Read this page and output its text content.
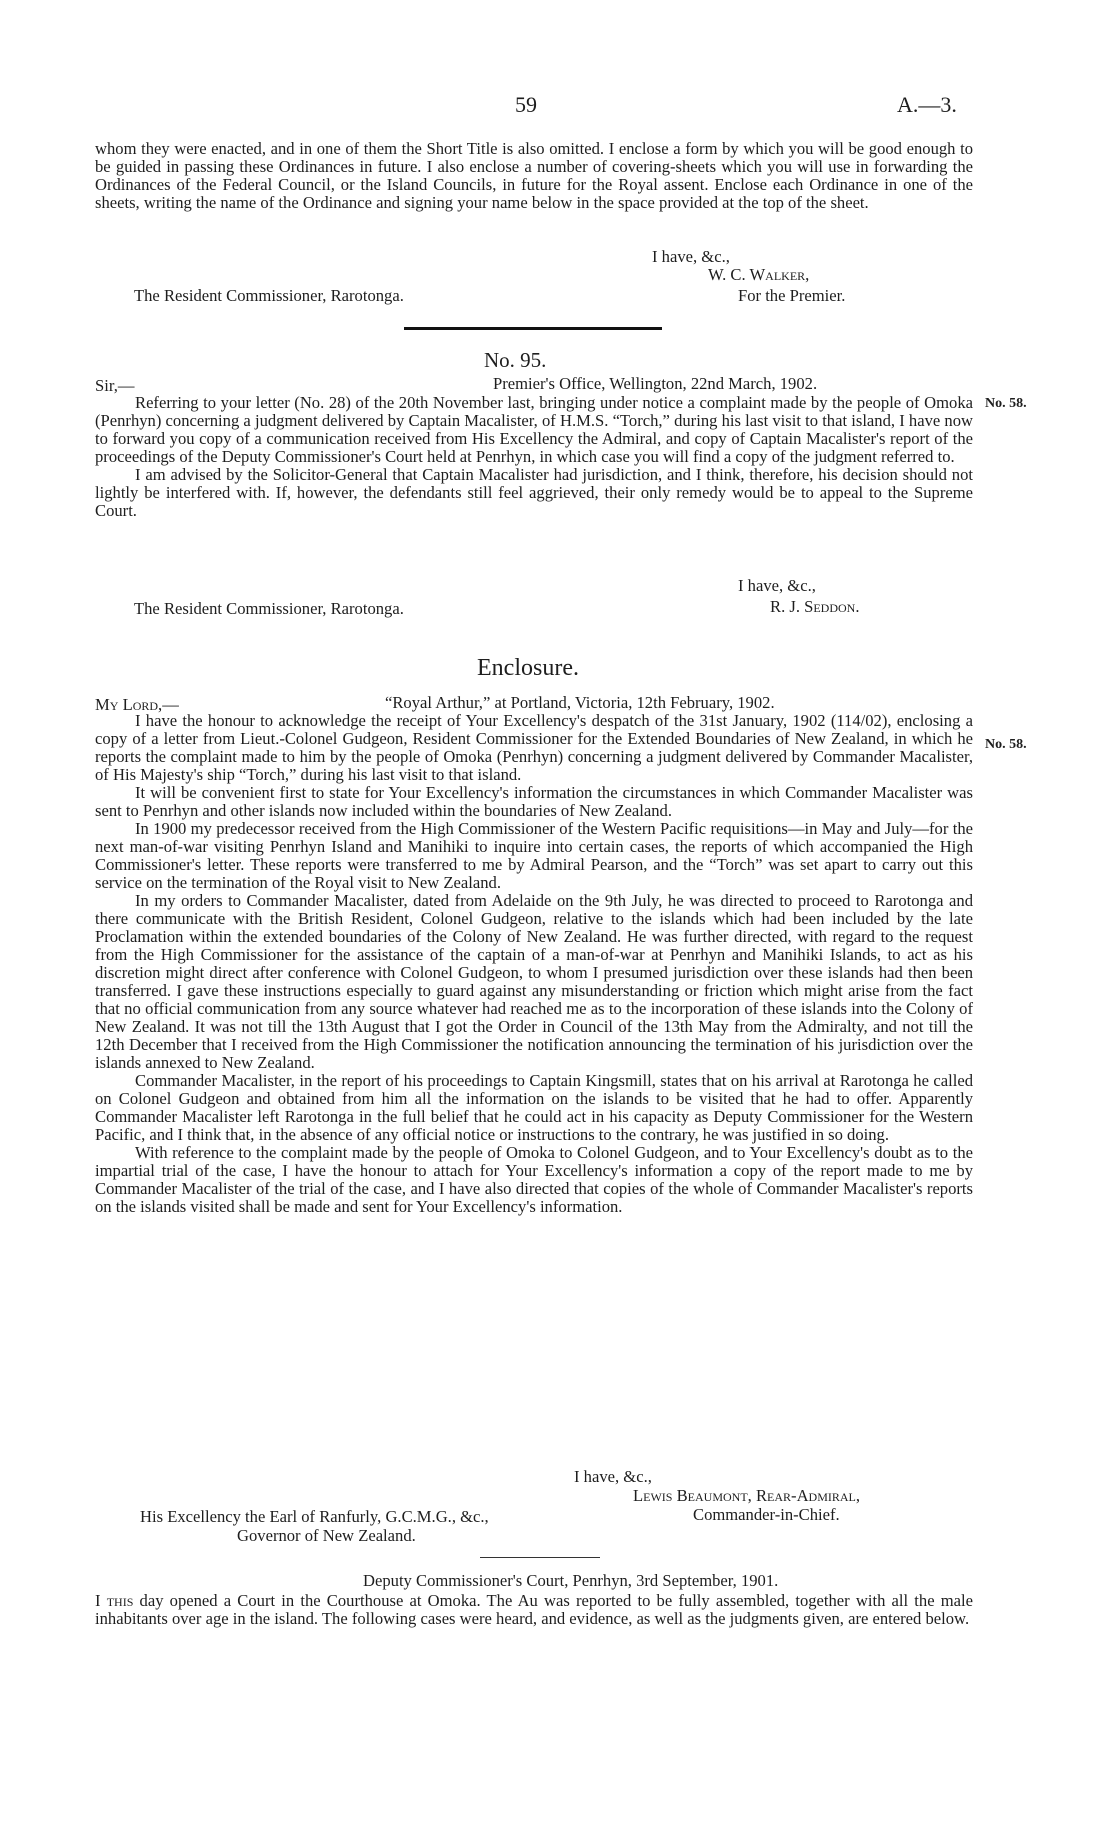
59	A.—3.

whom they were enacted, and in one of them the Short Title is also omitted. I enclose a form by which you will be good enough to be guided in passing these Ordinances in future. I also enclose a number of covering-sheets which you will use in forwarding the Ordinances of the Federal Council, or the Island Councils, in future for the Royal assent. Enclose each Ordinance in one of the sheets, writing the name of the Ordinance and signing your name below in the space provided at the top of the sheet.

I have, &c.,
W. C. Walker,
The Resident Commissioner, Rarotonga.	For the Premier.
No. 95.
Sir,—	Premier's Office, Wellington, 22nd March, 1902.
No. 58.

Referring to your letter (No. 28) of the 20th November last, bringing under notice a complaint made by the people of Omoka (Penrhyn) concerning a judgment delivered by Captain Macalister, of H.M.S. “Torch,” during his last visit to that island, I have now to forward you copy of a communication received from His Excellency the Admiral, and copy of Captain Macalister's report of the proceedings of the Deputy Commissioner's Court held at Penrhyn, in which case you will find a copy of the judgment referred to.

I am advised by the Solicitor-General that Captain Macalister had jurisdiction, and I think, therefore, his decision should not lightly be interfered with. If, however, the defendants still feel aggrieved, their only remedy would be to appeal to the Supreme Court.

I have, &c.,
The Resident Commissioner, Rarotonga.	R. J. Seddon.
Enclosure.
My Lord,—	“Royal Arthur,” at Portland, Victoria, 12th February, 1902.
No. 58.

I have the honour to acknowledge the receipt of Your Excellency's despatch of the 31st January, 1902 (114/02), enclosing a copy of a letter from Lieut.-Colonel Gudgeon, Resident Commissioner for the Extended Boundaries of New Zealand, in which he reports the complaint made to him by the people of Omoka (Penrhyn) concerning a judgment delivered by Commander Macalister, of His Majesty's ship “Torch,” during his last visit to that island.

It will be convenient first to state for Your Excellency's information the circumstances in which Commander Macalister was sent to Penrhyn and other islands now included within the boundaries of New Zealand.

In 1900 my predecessor received from the High Commissioner of the Western Pacific requisitions—in May and July—for the next man-of-war visiting Penrhyn Island and Manihiki to inquire into certain cases, the reports of which accompanied the High Commissioner's letter. These reports were transferred to me by Admiral Pearson, and the “Torch” was set apart to carry out this service on the termination of the Royal visit to New Zealand.

In my orders to Commander Macalister, dated from Adelaide on the 9th July, he was directed to proceed to Rarotonga and there communicate with the British Resident, Colonel Gudgeon, relative to the islands which had been included by the late Proclamation within the extended boundaries of the Colony of New Zealand. He was further directed, with regard to the request from the High Commissioner for the assistance of the captain of a man-of-war at Penrhyn and Manihiki Islands, to act as his discretion might direct after conference with Colonel Gudgeon, to whom I presumed jurisdiction over these islands had then been transferred. I gave these instructions especially to guard against any misunderstanding or friction which might arise from the fact that no official communication from any source whatever had reached me as to the incorporation of these islands into the Colony of New Zealand. It was not till the 13th August that I got the Order in Council of the 13th May from the Admiralty, and not till the 12th December that I received from the High Commissioner the notification announcing the termination of his jurisdiction over the islands annexed to New Zealand.

Commander Macalister, in the report of his proceedings to Captain Kingsmill, states that on his arrival at Rarotonga he called on Colonel Gudgeon and obtained from him all the information on the islands to be visited that he had to offer. Apparently Commander Macalister left Rarotonga in the full belief that he could act in his capacity as Deputy Commissioner for the Western Pacific, and I think that, in the absence of any official notice or instructions to the contrary, he was justified in so doing.

With reference to the complaint made by the people of Omoka to Colonel Gudgeon, and to Your Excellency's doubt as to the impartial trial of the case, I have the honour to attach for Your Excellency's information a copy of the report made to me by Commander Macalister of the trial of the case, and I have also directed that copies of the whole of Commander Macalister's reports on the islands visited shall be made and sent for Your Excellency's information.

I have, &c.,
Lewis Beaumont, Rear-Admiral,
His Excellency the Earl of Ranfurly, G.C.M.G., &c.,	Commander-in-Chief.
Governor of New Zealand.
Deputy Commissioner's Court, Penrhyn, 3rd September, 1901.

I this day opened a Court in the Courthouse at Omoka. The Au was reported to be fully assembled, together with all the male inhabitants over age in the island. The following cases were heard, and evidence, as well as the judgments given, are entered below.
